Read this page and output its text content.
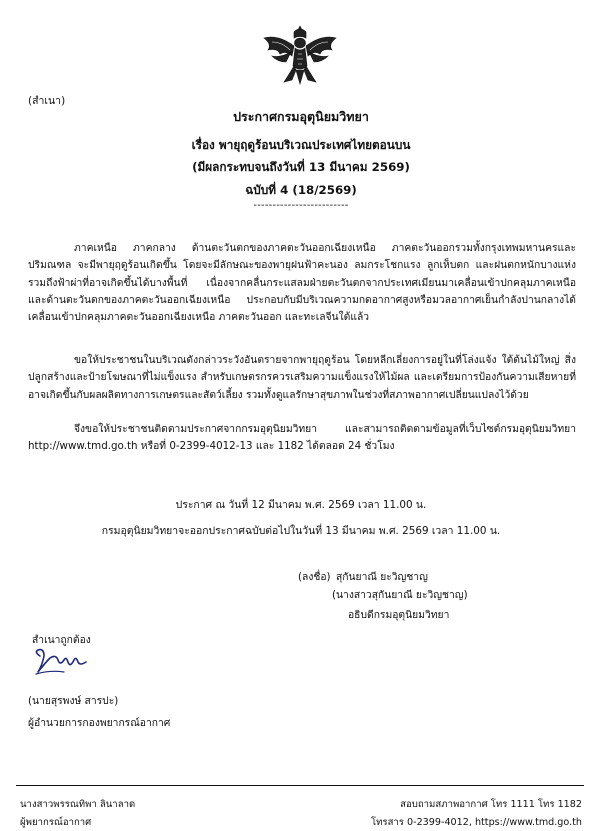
(สำเนา)
ประกาศกรมอุตุนิยมวิทยา
เรื่อง พายุฤดูร้อนบริเวณประเทศไทยตอนบน
(มีผลกระทบจนถึงวันที่ 13 มีนาคม 2569)
ฉบับที่ 4 (18/2569)
-------------------------
ภาคเหนือ ภาคกลาง ด้านตะวันตกของภาคตะวันออกเฉียงเหนือ ภาคตะวันออกรวมทั้งกรุงเทพมหานครและปริมณฑล จะมีพายุฤดูร้อนเกิดขึ้น โดยจะมีลักษณะของพายุฝนฟ้าคะนอง ลมกระโชกแรง ลูกเห็บตก และฝนตกหนักบางแห่ง รวมถึงฟ้าผ่าที่อาจเกิดขึ้นได้บางพื้นที่ เนื่องจากคลื่นกระแสลมฝ่ายตะวันตกจากประเทศเมียนมาเคลื่อนเข้าปกคลุมภาคเหนือและด้านตะวันตกของภาคตะวันออกเฉียงเหนือ ประกอบกับมีบริเวณความกดอากาศสูงหรือมวลอากาศเย็นกำลังปานกลางได้เคลื่อนเข้าปกคลุมภาคตะวันออกเฉียงเหนือ ภาคตะวันออก และทะเลจีนใต้แล้ว
ขอให้ประชาชนในบริเวณดังกล่าวระวังอันตรายจากพายุฤดูร้อน โดยหลีกเลี่ยงการอยู่ในที่โล่งแจ้ง ใต้ต้นไม้ใหญ่ สิ่งปลูกสร้างและป้ายโฆษณาที่ไม่แข็งแรง สำหรับเกษตรกรควรเสริมความแข็งแรงให้ไม้ผล และเตรียมการป้องกันความเสียหายที่อาจเกิดขึ้นกับผลผลิตทางการเกษตรและสัตว์เลี้ยง รวมทั้งดูแลรักษาสุขภาพในช่วงที่สภาพอากาศเปลี่ยนแปลงไว้ด้วย
จึงขอให้ประชาชนติดตามประกาศจากกรมอุตุนิยมวิทยา และสามารถติดตามข้อมูลที่เว็บไซต์กรมอุตุนิยมวิทยา http://www.tmd.go.th หรือที่ 0-2399-4012-13 และ 1182 ได้ตลอด 24 ชั่วโมง
ประกาศ ณ วันที่ 12 มีนาคม พ.ศ. 2569 เวลา 11.00 น.
กรมอุตุนิยมวิทยาจะออกประกาศฉบับต่อไปในวันที่ 13 มีนาคม พ.ศ. 2569 เวลา 11.00 น.
(ลงชื่อ) สุกันยาณี ยะวิญชาญ
(นางสาวสุกันยาณี ยะวิญชาญ)
อธิบดีกรมอุตุนิยมวิทยา
สำเนาถูกต้อง
(นายสุรพงษ์ สารปะ)
ผู้อำนวยการกองพยากรณ์อากาศ
นางสาวพรรณทิพา ลินาลาด
ผู้พยากรณ์อากาศ
สอบถามสภาพอากาศ โทร 1111 โทร 1182
โทรสาร 0-2399-4012, https://www.tmd.go.th
